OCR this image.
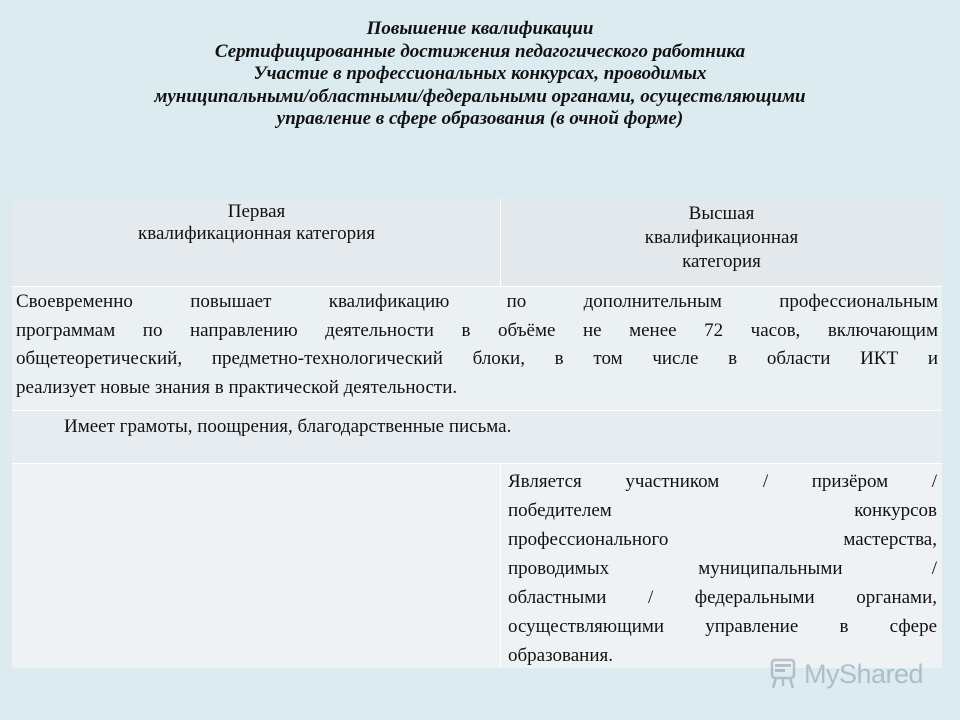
Повышение квалификации
Сертифицированные достижения педагогического работника
Участие в профессиональных конкурсах, проводимых
муниципальными/областными/федеральными органами, осуществляющими
управление в сфере образования (в очной форме)
Первая
квалификационная категория
Высшая
квалификационная
категория
Своевременно повышает квалификацию по дополнительным профессиональным
программам по направлению деятельности в объёме не менее 72 часов, включающим
общетеоретический, предметно-технологический блоки, в том числе в области ИКТ и
реализует новые знания в практической деятельности.
Имеет грамоты, поощрения, благодарственные письма.
Является участником / призёром /
победителем конкурсов
профессионального мастерства,
проводимых муниципальными /
областными / федеральными органами,
осуществляющими управление в сфере
образования.
MyShared
